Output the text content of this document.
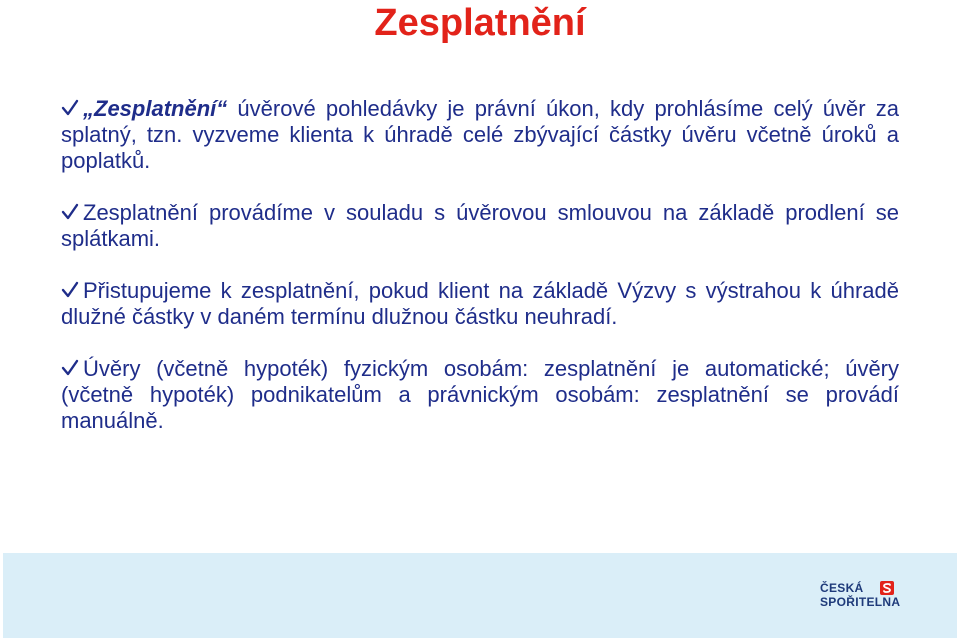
Zesplatnění
„Zesplatnění“ úvěrové pohledávky je právní úkon, kdy prohlásíme celý úvěr za splatný, tzn. vyzveme klienta k úhradě celé zbývající částky úvěru včetně úroků a poplatků.
Zesplatnění provádíme v souladu s úvěrovou smlouvou na základě prodlení se splátkami.
Přistupujeme k zesplatnění, pokud klient na základě Výzvy s výstrahou k úhradě dlužné částky v daném termínu dlužnou částku neuhradí.
Úvěry (včetně hypoték) fyzickým osobám: zesplatnění je automatické; úvěry (včetně hypoték) podnikatelům a právnickým osobám: zesplatnění se provádí manuálně.
ČESKÁ
SPOŘITELNA
